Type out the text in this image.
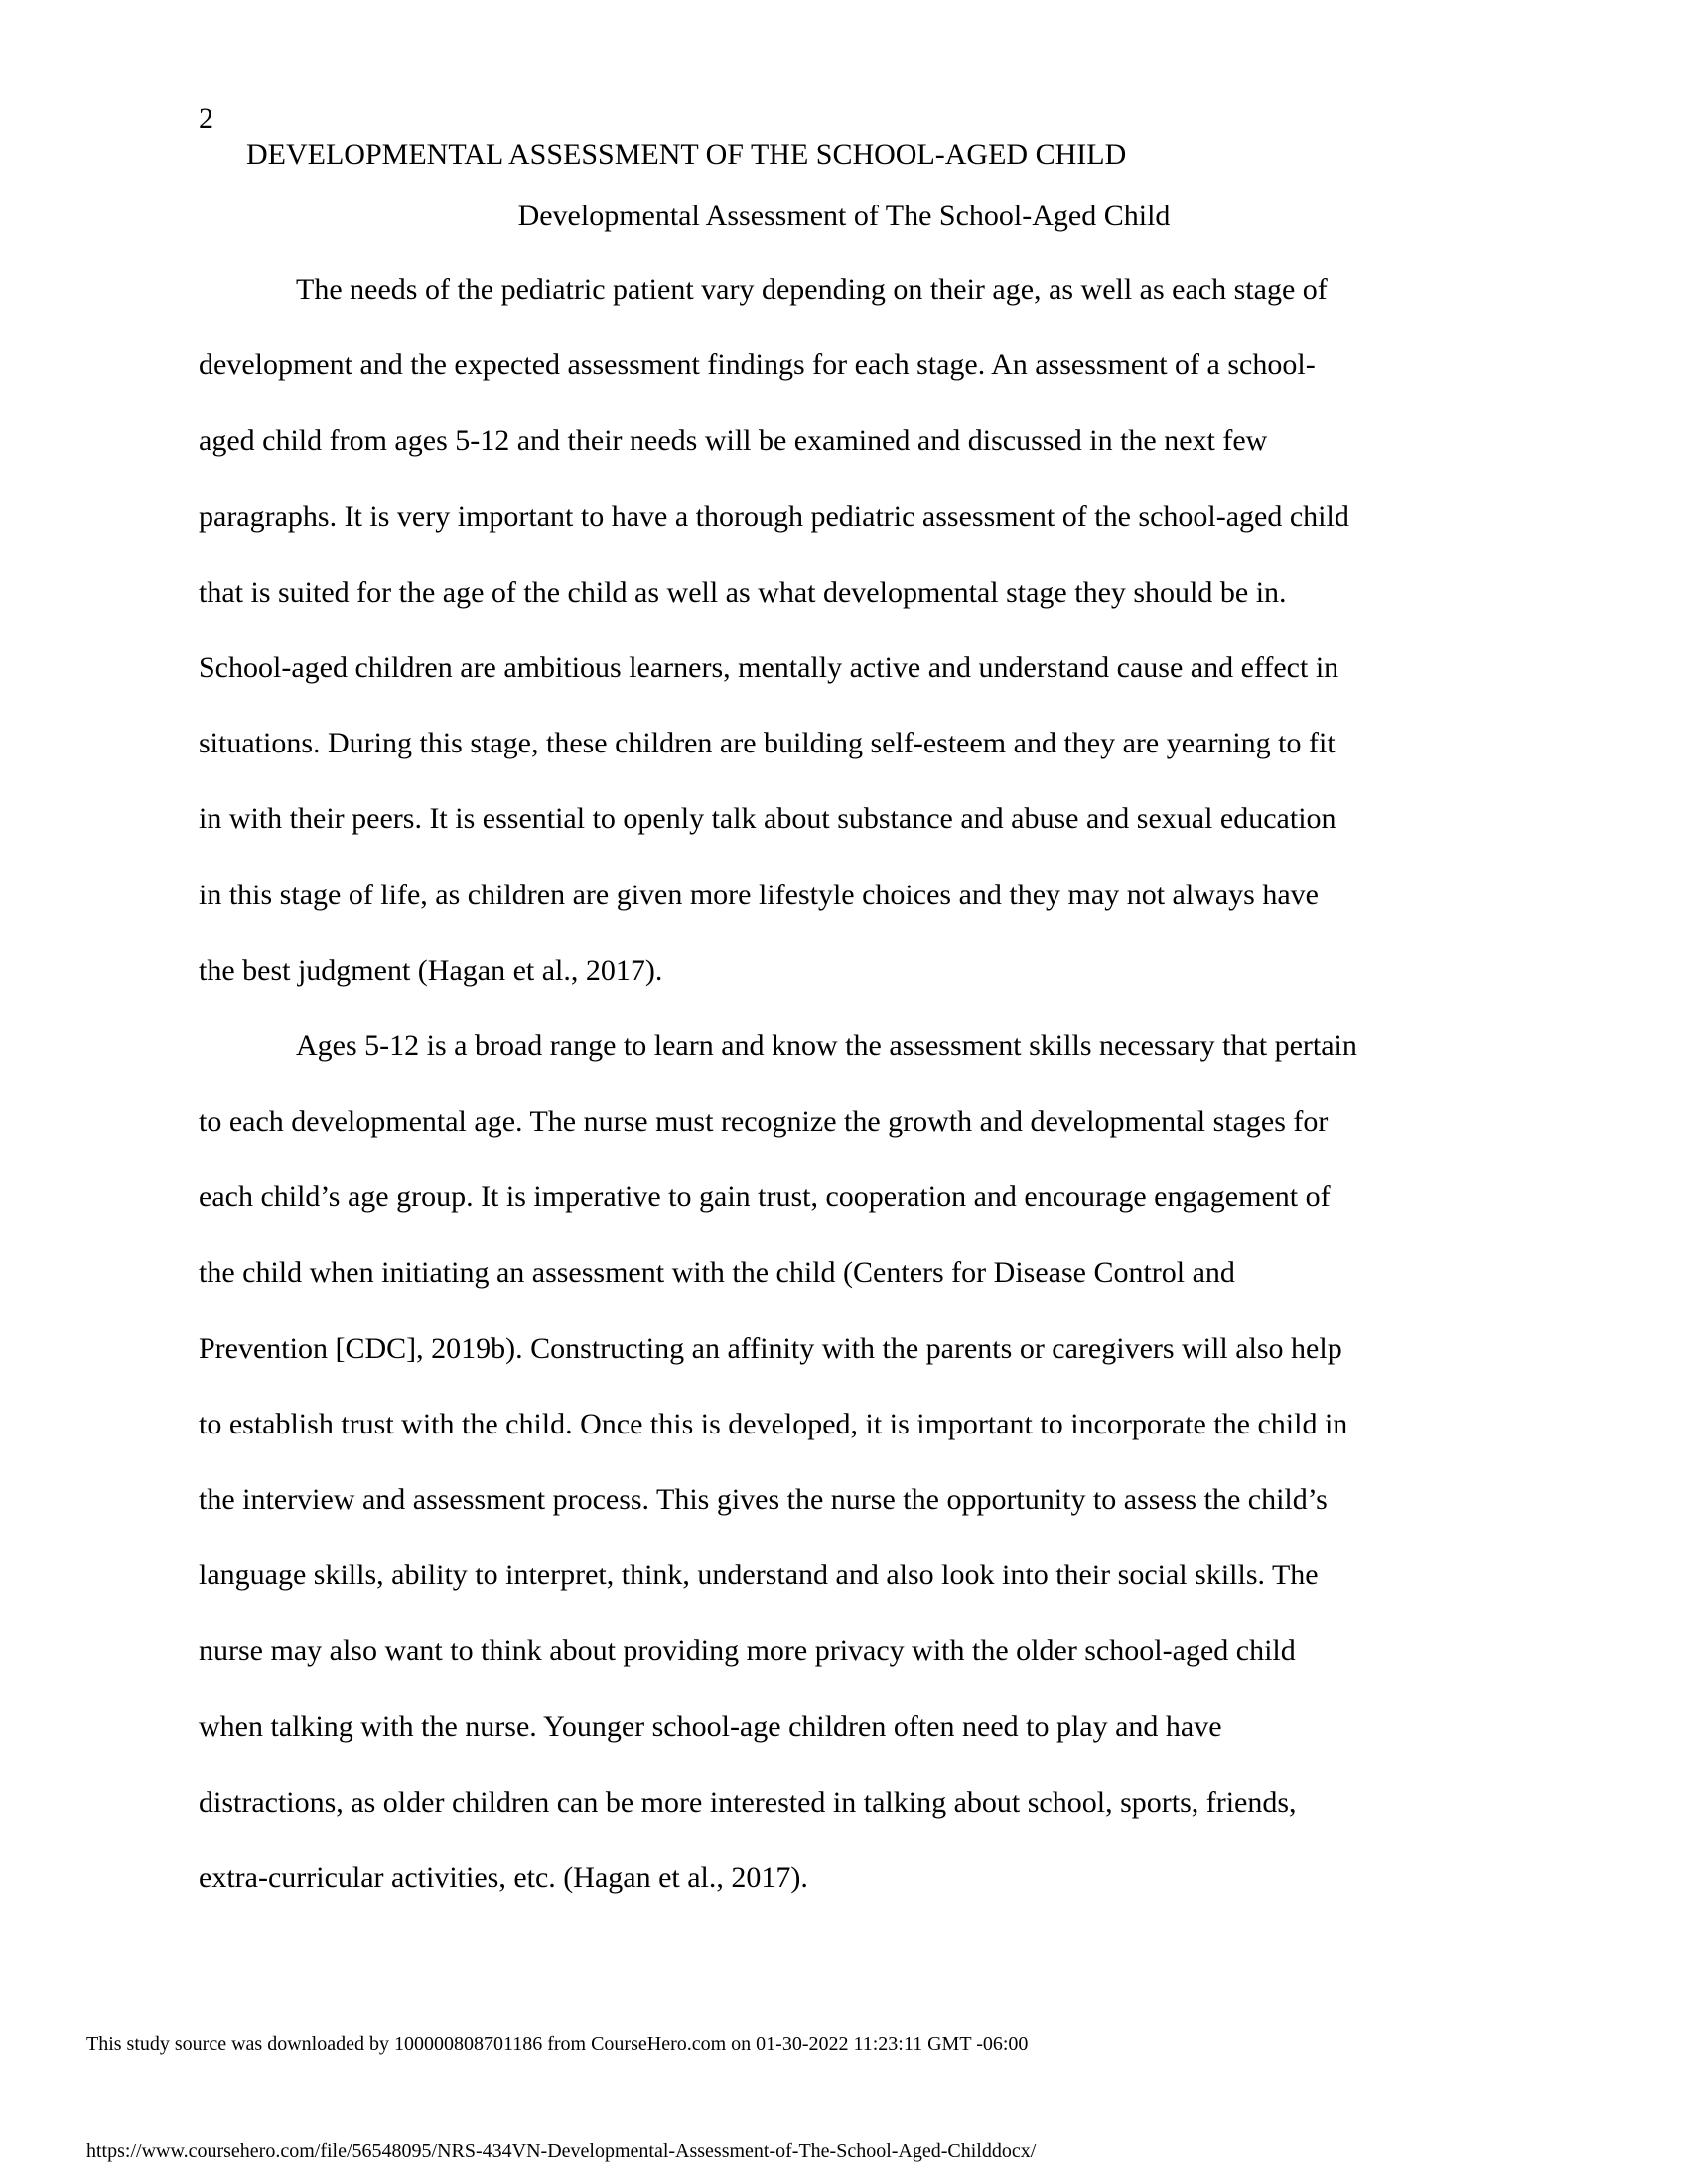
2
DEVELOPMENTAL ASSESSMENT OF THE SCHOOL-AGED CHILD
Developmental Assessment of The School-Aged Child
The needs of the pediatric patient vary depending on their age, as well as each stage of
development and the expected assessment findings for each stage. An assessment of a school-
aged child from ages 5-12 and their needs will be examined and discussed in the next few
paragraphs. It is very important to have a thorough pediatric assessment of the school-aged child
that is suited for the age of the child as well as what developmental stage they should be in.
School-aged children are ambitious learners, mentally active and understand cause and effect in
situations. During this stage, these children are building self-esteem and they are yearning to fit
in with their peers. It is essential to openly talk about substance and abuse and sexual education
in this stage of life, as children are given more lifestyle choices and they may not always have
the best judgment (Hagan et al., 2017).
Ages 5-12 is a broad range to learn and know the assessment skills necessary that pertain
to each developmental age. The nurse must recognize the growth and developmental stages for
each child’s age group. It is imperative to gain trust, cooperation and encourage engagement of
the child when initiating an assessment with the child (Centers for Disease Control and
Prevention [CDC], 2019b). Constructing an affinity with the parents or caregivers will also help
to establish trust with the child. Once this is developed, it is important to incorporate the child in
the interview and assessment process. This gives the nurse the opportunity to assess the child’s
language skills, ability to interpret, think, understand and also look into their social skills. The
nurse may also want to think about providing more privacy with the older school-aged child
when talking with the nurse. Younger school-age children often need to play and have
distractions, as older children can be more interested in talking about school, sports, friends,
extra-curricular activities, etc. (Hagan et al., 2017).
This study source was downloaded by 100000808701186 from CourseHero.com on 01-30-2022 11:23:11 GMT -06:00
https://www.coursehero.com/file/56548095/NRS-434VN-Developmental-Assessment-of-The-School-Aged-Childdocx/
